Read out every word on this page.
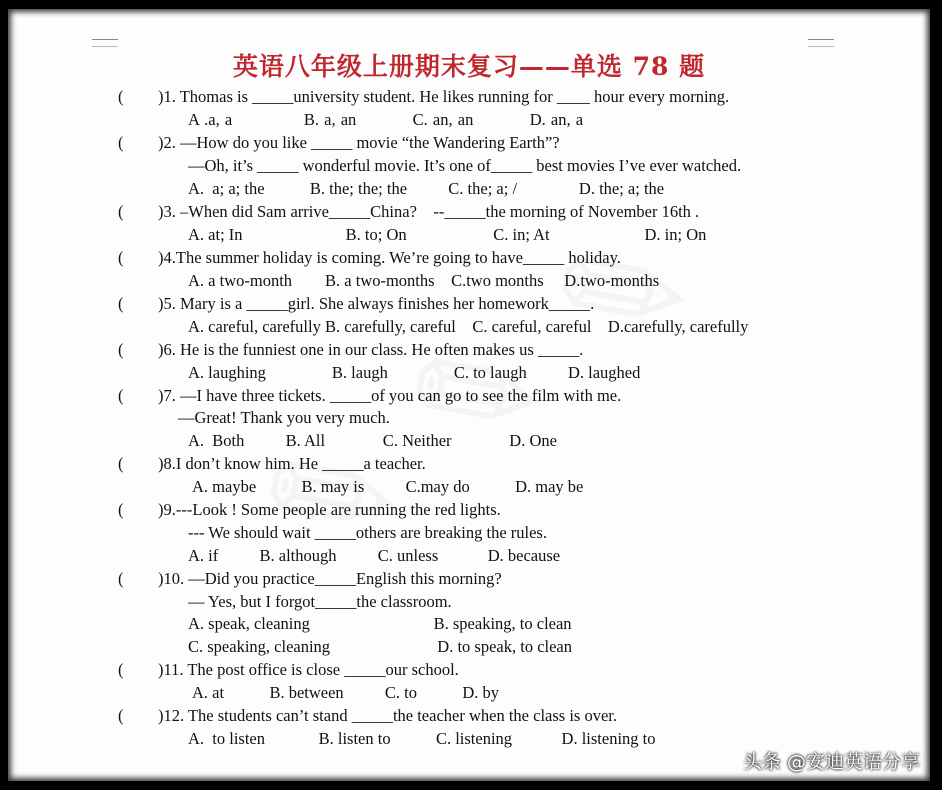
英语八年级上册期末复习——单选 78 题
( )1. Thomas is _____university student. He likes running for ____ hour every morning.
A .a, a              B. a, an           C. an, an           D. an, a
( )2. —How do you like _____ movie “the Wandering Earth”?
—Oh, it’s _____ wonderful movie. It’s one of_____ best movies I’ve ever watched.
A.  a; a; the           B. the; the; the          C. the; a; /               D. the; a; the
( )3. –When did Sam arrive_____China?    --_____the morning of November 16th .
A. at; In                         B. to; On                     C. in; At                       D. in; On
( )4.The summer holiday is coming. We’re going to have_____ holiday.
A. a two-month        B. a two-months    C.two months     D.two-months
( )5. Mary is a _____girl. She always finishes her homework_____.
A. careful, carefully B. carefully, careful    C. careful, careful    D.carefully, carefully
( )6. He is the funniest one in our class. He often makes us _____.
A. laughing                B. laugh                C. to laugh          D. laughed
( )7. —I have three tickets. _____of you can go to see the film with me.
—Great! Thank you very much.
A.  Both          B. All              C. Neither              D. One
( )8.I don’t know him. He _____a teacher.
A. maybe           B. may is          C.may do           D. may be
( )9.---Look ! Some people are running the red lights.
--- We should wait _____others are breaking the rules.
A. if          B. although          C. unless            D. because
( )10. —Did you practice_____English this morning?
— Yes, but I forgot_____the classroom.
A. speak, cleaning                              B. speaking, to clean
C. speaking, cleaning                          D. to speak, to clean
( )11. The post office is close _____our school.
A. at           B. between          C. to           D. by
( )12. The students can’t stand _____the teacher when the class is over.
A.  to listen             B. listen to           C. listening            D. listening to
头条 @安迪英语分享
